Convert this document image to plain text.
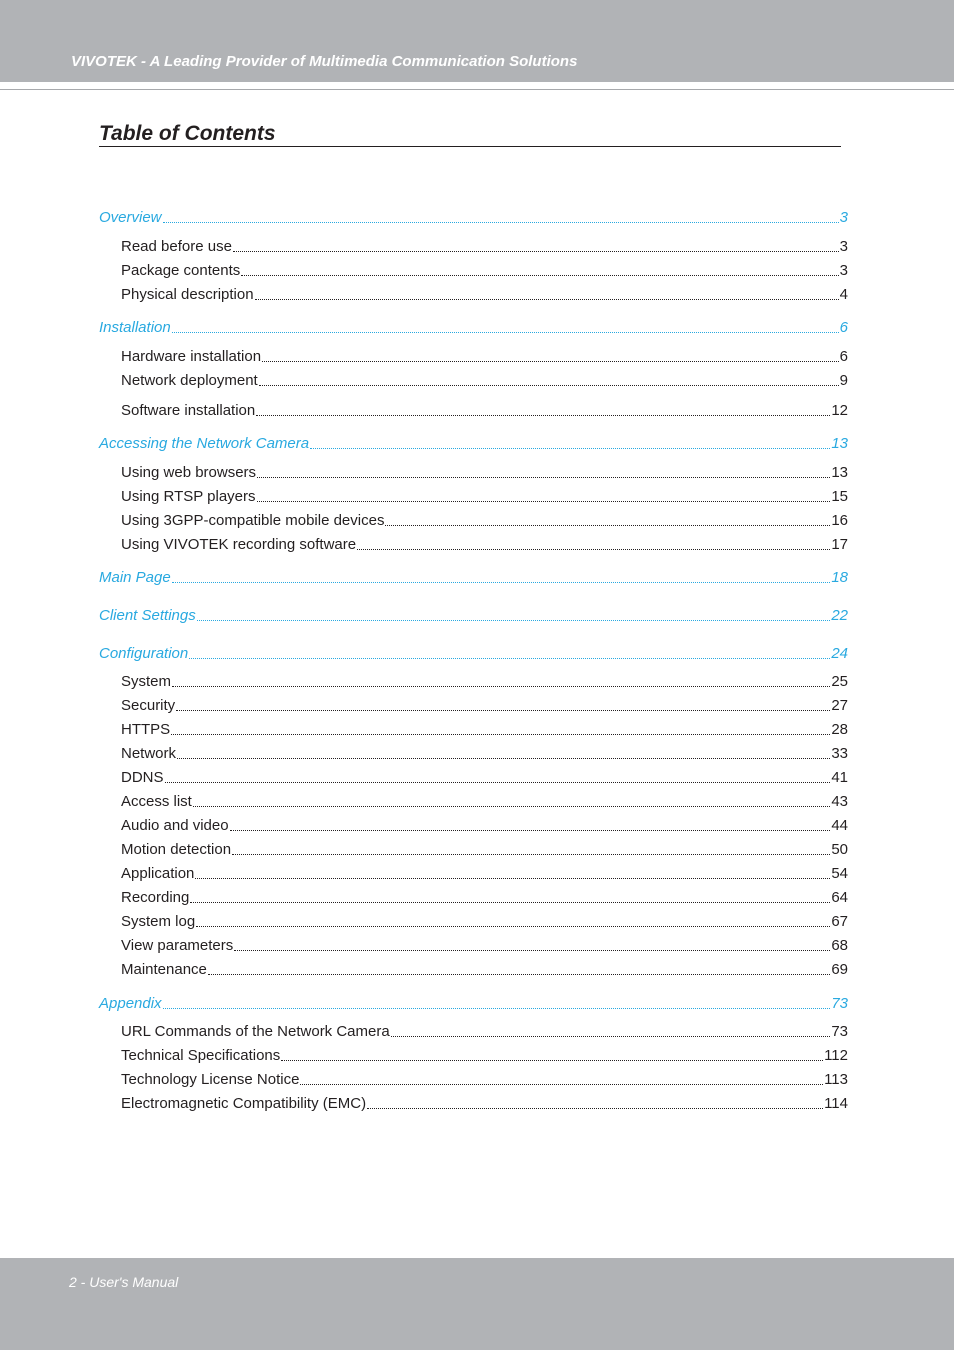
VIVOTEK - A Leading Provider of Multimedia Communication Solutions
Table of Contents
Overview	3
Read before use	3
Package contents	3
Physical description	4
Installation	6
Hardware installation	6
Network deployment	9
Software installation	12
Accessing the Network Camera	13
Using web browsers	13
Using RTSP players	15
Using 3GPP-compatible mobile devices	16
Using VIVOTEK recording software	17
Main Page	18
Client Settings	22
Configuration	24
System	25
Security	27
HTTPS	28
Network	33
DDNS	41
Access list	43
Audio and video	44
Motion detection	50
Application	54
Recording	64
System log	67
View parameters	68
Maintenance	69
Appendix	73
URL Commands of the Network Camera	73
Technical Specifications	112
Technology License Notice	113
Electromagnetic Compatibility (EMC)	114
2 - User's Manual
